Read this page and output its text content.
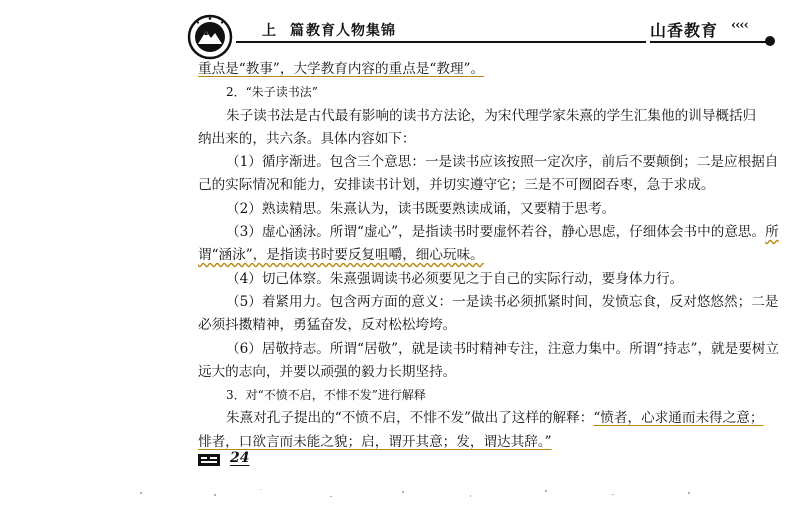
上　篇 教育人物集锦	山香教育 ‹‹‹‹

重点是“教事”，大学教育内容的重点是“教理”。

2．“朱子读书法”

朱子读书法是古代最有影响的读书方法论，为宋代理学家朱熹的学生汇集他的训导概括归

纳出来的，共六条。具体内容如下：

（1）循序渐进。包含三个意思：一是读书应该按照一定次序，前后不要颠倒；二是应根据自

己的实际情况和能力，安排读书计划，并切实遵守它；三是不可囫囵吞枣，急于求成。

（2）熟读精思。朱熹认为，读书既要熟读成诵，又要精于思考。

（3）虚心涵泳。所谓“虚心”，是指读书时要虚怀若谷，静心思虑，仔细体会书中的意思。所

谓“涵泳”，是指读书时要反复咀嚼，细心玩味。

（4）切己体察。朱熹强调读书必须要见之于自己的实际行动，要身体力行。

（5）着紧用力。包含两方面的意义：一是读书必须抓紧时间，发愤忘食，反对悠悠然；二是

必须抖擞精神，勇猛奋发，反对松松垮垮。

（6）居敬持志。所谓“居敬”，就是读书时精神专注，注意力集中。所谓“持志”，就是要树立

远大的志向，并要以顽强的毅力长期坚持。

3．对“不愤不启，不悱不发”进行解释

朱熹对孔子提出的“不愤不启，不悱不发”做出了这样的解释：“愤者，心求通而未得之意；

悱者，口欲言而未能之貌；启，谓开其意；发，谓达其辞。”

24
